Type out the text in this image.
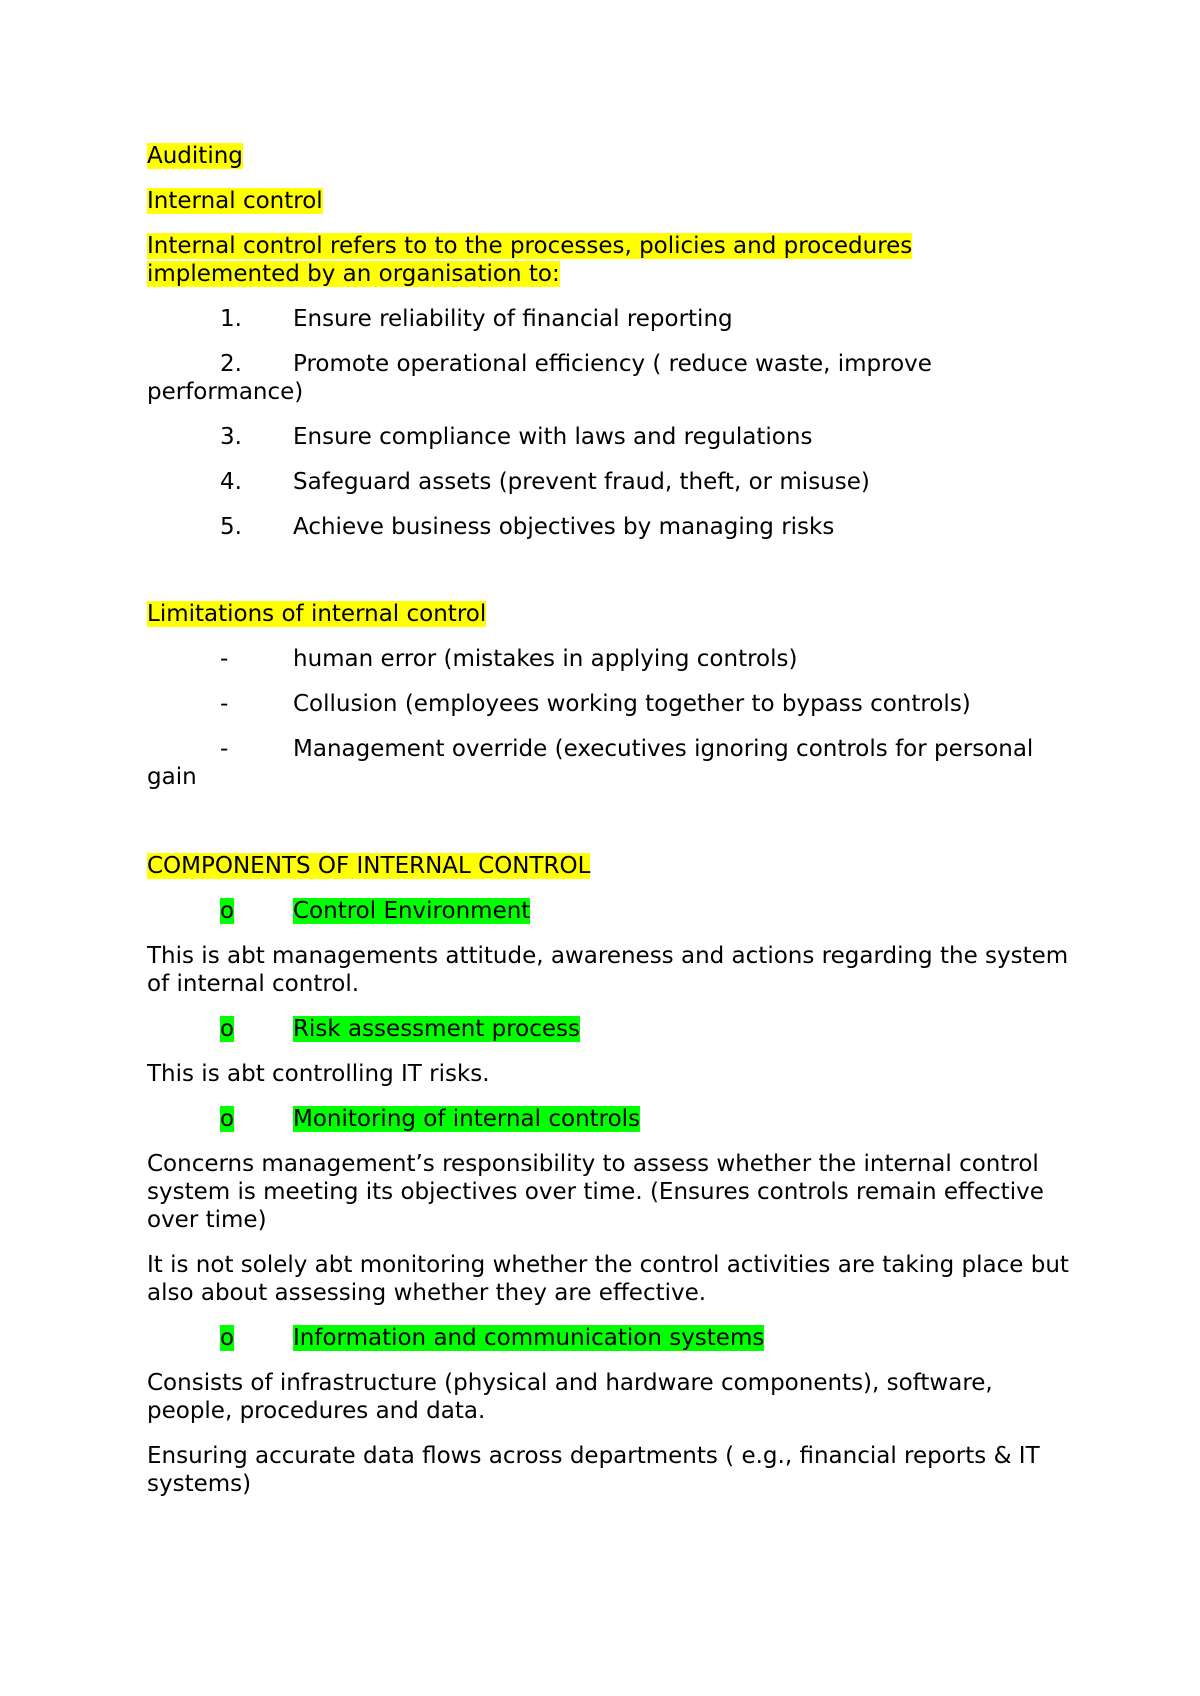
Auditing

Internal control

Internal control refers to to the processes, policies and procedures implemented by an organisation to:

1. Ensure reliability of financial reporting

2. Promote operational efficiency ( reduce waste, improve performance)

3. Ensure compliance with laws and regulations

4. Safeguard assets (prevent fraud, theft, or misuse)

5. Achieve business objectives by managing risks

Limitations of internal control

-	human error (mistakes in applying controls)

-	Collusion (employees working together to bypass controls)

-	Management override (executives ignoring controls for personal gain

COMPONENTS OF INTERNAL CONTROL

o	Control Environment

This is abt managements attitude, awareness and actions regarding the system of internal control.

o	Risk assessment process

This is abt controlling IT risks.

o	Monitoring of internal controls

Concerns management’s responsibility to assess whether the internal control system is meeting its objectives over time. (Ensures controls remain effective over time)

It is not solely abt monitoring whether the control activities are taking place but also about assessing whether they are effective.

o	Information and communication systems

Consists of infrastructure (physical and hardware components), software, people, procedures and data.

Ensuring accurate data flows across departments ( e.g., financial reports & IT systems)
